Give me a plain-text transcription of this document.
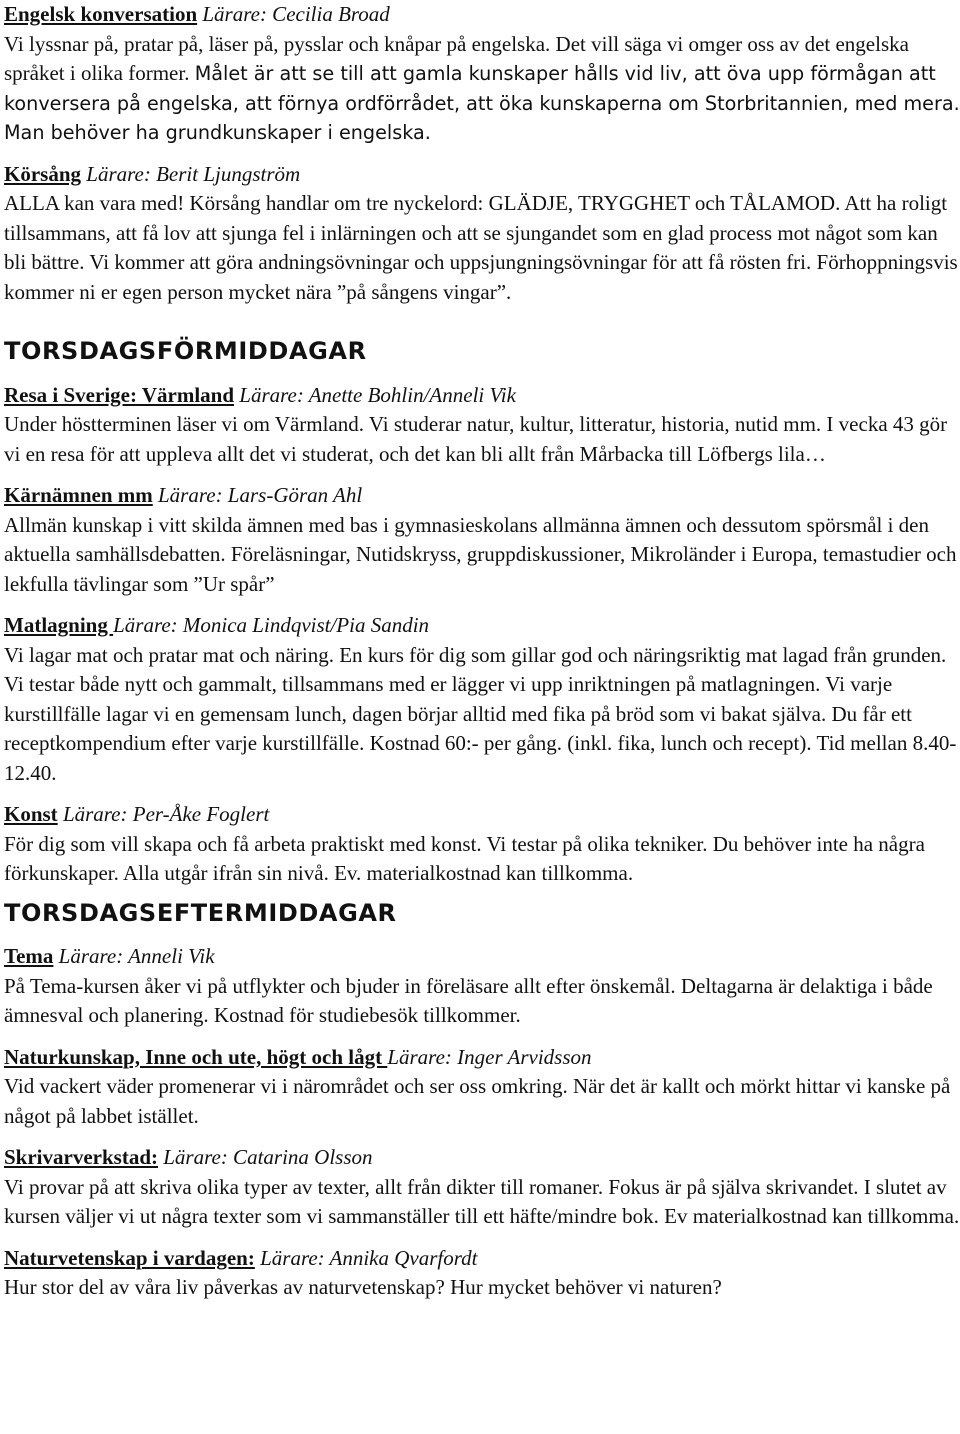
Engelsk konversation Lärare: Cecilia Broad

Vi lyssnar på, pratar på, läser på, pysslar och knåpar på engelska. Det vill säga vi omger oss av det engelska språket i olika former. Målet är att se till att gamla kunskaper hålls vid liv, att öva upp förmågan att konversera på engelska, att förnya ordförrådet, att öka kunskaperna om Storbritannien, med mera. Man behöver ha grundkunskaper i engelska.

Körsång Lärare: Berit Ljungström

ALLA kan vara med! Körsång handlar om tre nyckelord: GLÄDJE, TRYGGHET och TÅLAMOD. Att ha roligt tillsammans, att få lov att sjunga fel i inlärningen och att se sjungandet som en glad process mot något som kan bli bättre. Vi kommer att göra andningsövningar och uppsjungningsövningar för att få rösten fri. Förhoppningsvis kommer ni er egen person mycket nära ”på sångens vingar”.

TORSDAGSFÖRMIDDAGAR
Resa i Sverige: Värmland Lärare: Anette Bohlin/Anneli Vik

Under höstterminen läser vi om Värmland. Vi studerar natur, kultur, litteratur, historia, nutid mm. I vecka 43 gör vi en resa för att uppleva allt det vi studerat, och det kan bli allt från Mårbacka till Löfbergs lila…

Kärnämnen mm Lärare: Lars-Göran Ahl

Allmän kunskap i vitt skilda ämnen med bas i gymnasieskolans allmänna ämnen och dessutom spörsmål i den aktuella samhällsdebatten. Föreläsningar, Nutidskryss, gruppdiskussioner, Mikroländer i Europa, temastudier och lekfulla tävlingar som ”Ur spår”

Matlagning Lärare: Monica Lindqvist/Pia Sandin

Vi lagar mat och pratar mat och näring. En kurs för dig som gillar god och näringsriktig mat lagad från grunden. Vi testar både nytt och gammalt, tillsammans med er lägger vi upp inriktningen på matlagningen. Vi varje kurstillfälle lagar vi en gemensam lunch, dagen börjar alltid med fika på bröd som vi bakat själva. Du får ett receptkompendium efter varje kurstillfälle. Kostnad 60:- per gång. (inkl. fika, lunch och recept). Tid mellan 8.40-12.40.

Konst Lärare: Per-Åke Foglert

För dig som vill skapa och få arbeta praktiskt med konst. Vi testar på olika tekniker. Du behöver inte ha några förkunskaper. Alla utgår ifrån sin nivå. Ev. materialkostnad kan tillkomma.

TORSDAGSEFTERMIDDAGAR
Tema Lärare: Anneli Vik

På Tema-kursen åker vi på utflykter och bjuder in föreläsare allt efter önskemål. Deltagarna är delaktiga i både ämnesval och planering. Kostnad för studiebesök tillkommer.

Naturkunskap, Inne och ute, högt och lågt Lärare: Inger Arvidsson

Vid vackert väder promenerar vi i närområdet och ser oss omkring. När det är kallt och mörkt hittar vi kanske på något på labbet istället.

Skrivarverkstad: Lärare: Catarina Olsson

Vi provar på att skriva olika typer av texter, allt från dikter till romaner. Fokus är på själva skrivandet. I slutet av kursen väljer vi ut några texter som vi sammanställer till ett häfte/mindre bok. Ev materialkostnad kan tillkomma.

Naturvetenskap i vardagen: Lärare: Annika Qvarfordt

Hur stor del av våra liv påverkas av naturvetenskap? Hur mycket behöver vi naturen?
